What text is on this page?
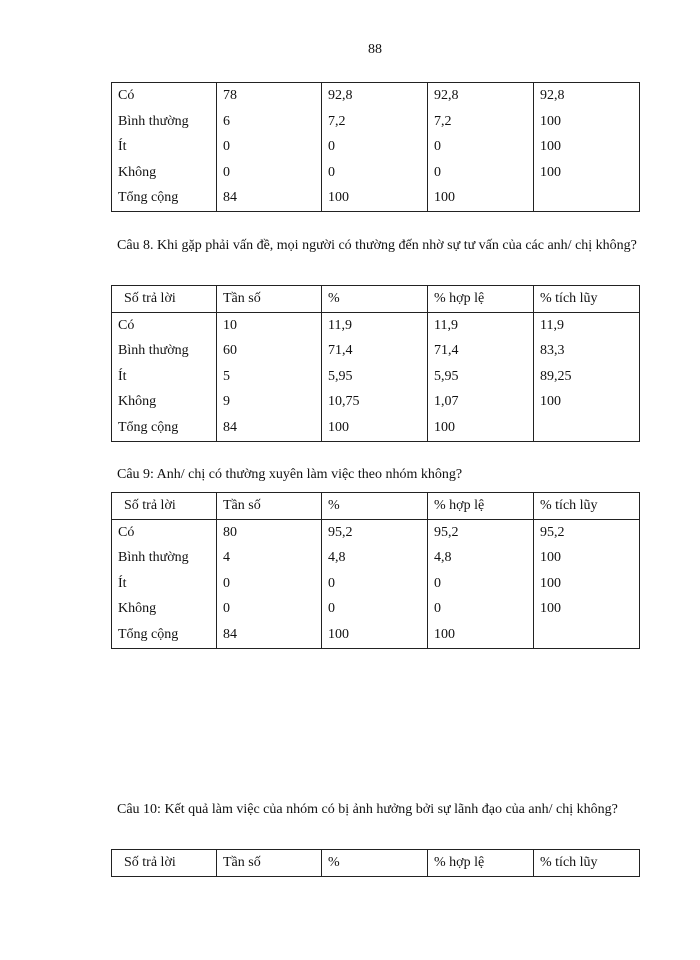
88
Có	78	92,8	92,8	92,8
Bình thường	6	7,2	7,2	100
Ít	0	0	0	100
Không	0	0	0	100
Tổng cộng	84	100	100	
Câu 8. Khi gặp phải vấn đề, mọi người có thường đến nhờ sự tư vấn của các anh/ chị không?
Số trả lời	Tần số	%	% hợp lệ	% tích lũy
Có	10	11,9	11,9	11,9
Bình thường	60	71,4	71,4	83,3
Ít	5	5,95	5,95	89,25
Không	9	10,75	1,07	100
Tổng cộng	84	100	100	
Câu 9: Anh/ chị có thường xuyên làm việc theo nhóm không?
Số trả lời	Tần số	%	% hợp lệ	% tích lũy
Có	80	95,2	95,2	95,2
Bình thường	4	4,8	4,8	100
Ít	0	0	0	100
Không	0	0	0	100
Tổng cộng	84	100	100	
Câu 10: Kết quả làm việc của nhóm có bị ảnh hưởng bởi sự lãnh đạo của anh/ chị không?
Số trả lời	Tần số	%	% hợp lệ	% tích lũy
